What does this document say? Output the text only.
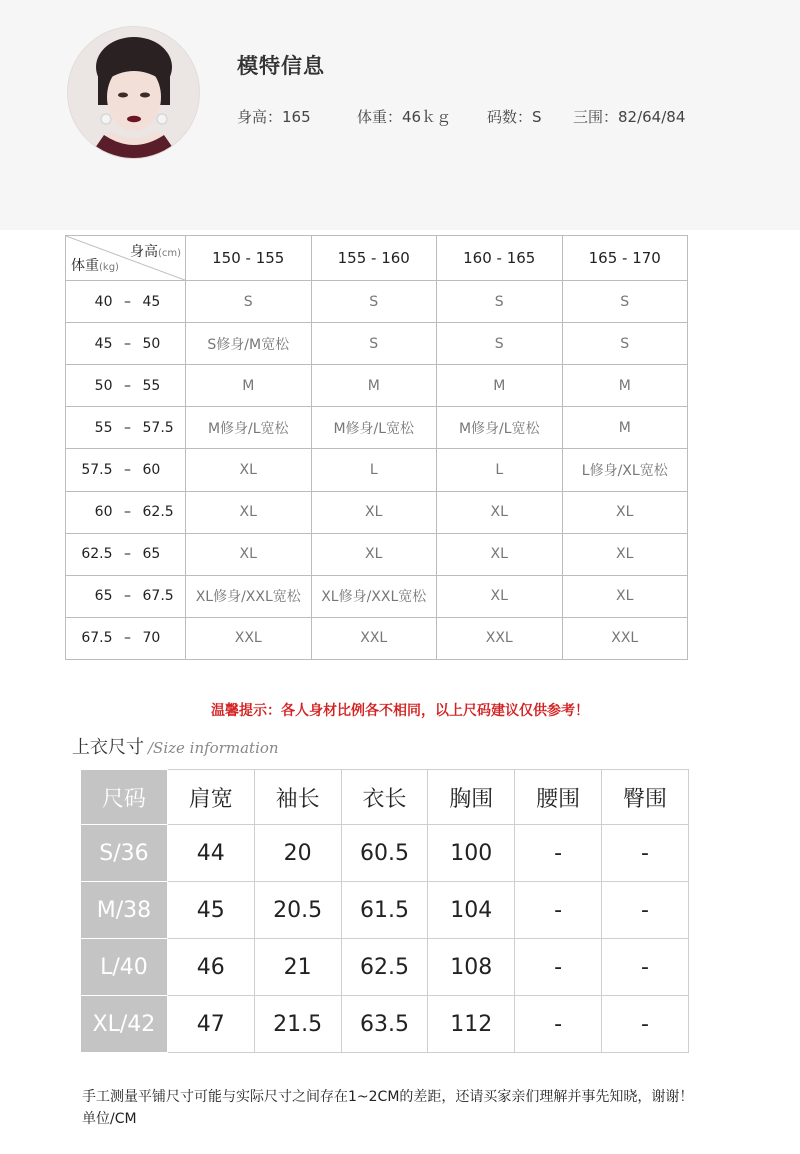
模特信息
身高：165	体重：46ｋｇ 码数：S 三围：82/64/84
身高(cm)
体重(kg)	150 - 155	155 - 160	160 - 165	165 - 170
40 – 45	S	S	S	S
45 – 50	S修身/M宽松	S	S	S
50 – 55	M	M	M	M
55 – 57.5	M修身/L宽松	M修身/L宽松	M修身/L宽松	M
57.5 – 60	XL	L	L	L修身/XL宽松
60 – 62.5	XL	XL	XL	XL
62.5 – 65	XL	XL	XL	XL
65 – 67.5	XL修身/XXL宽松	XL修身/XXL宽松	XL	XL
67.5 – 70	XXL	XXL	XXL	XXL
温馨提示：各人身材比例各不相同，以上尺码建议仅供参考！
上衣尺寸 /Size information
尺码	肩宽	袖长	衣长	胸围	腰围	臀围
S/36	44	20	60.5	100	-	-
M/38	45	20.5	61.5	104	-	-
L/40	46	21	62.5	108	-	-
XL/42	47	21.5	63.5	112	-	-
手工测量平铺尺寸可能与实际尺寸之间存在1~2CM的差距，还请买家亲们理解并事先知晓，谢谢！单位/CM
